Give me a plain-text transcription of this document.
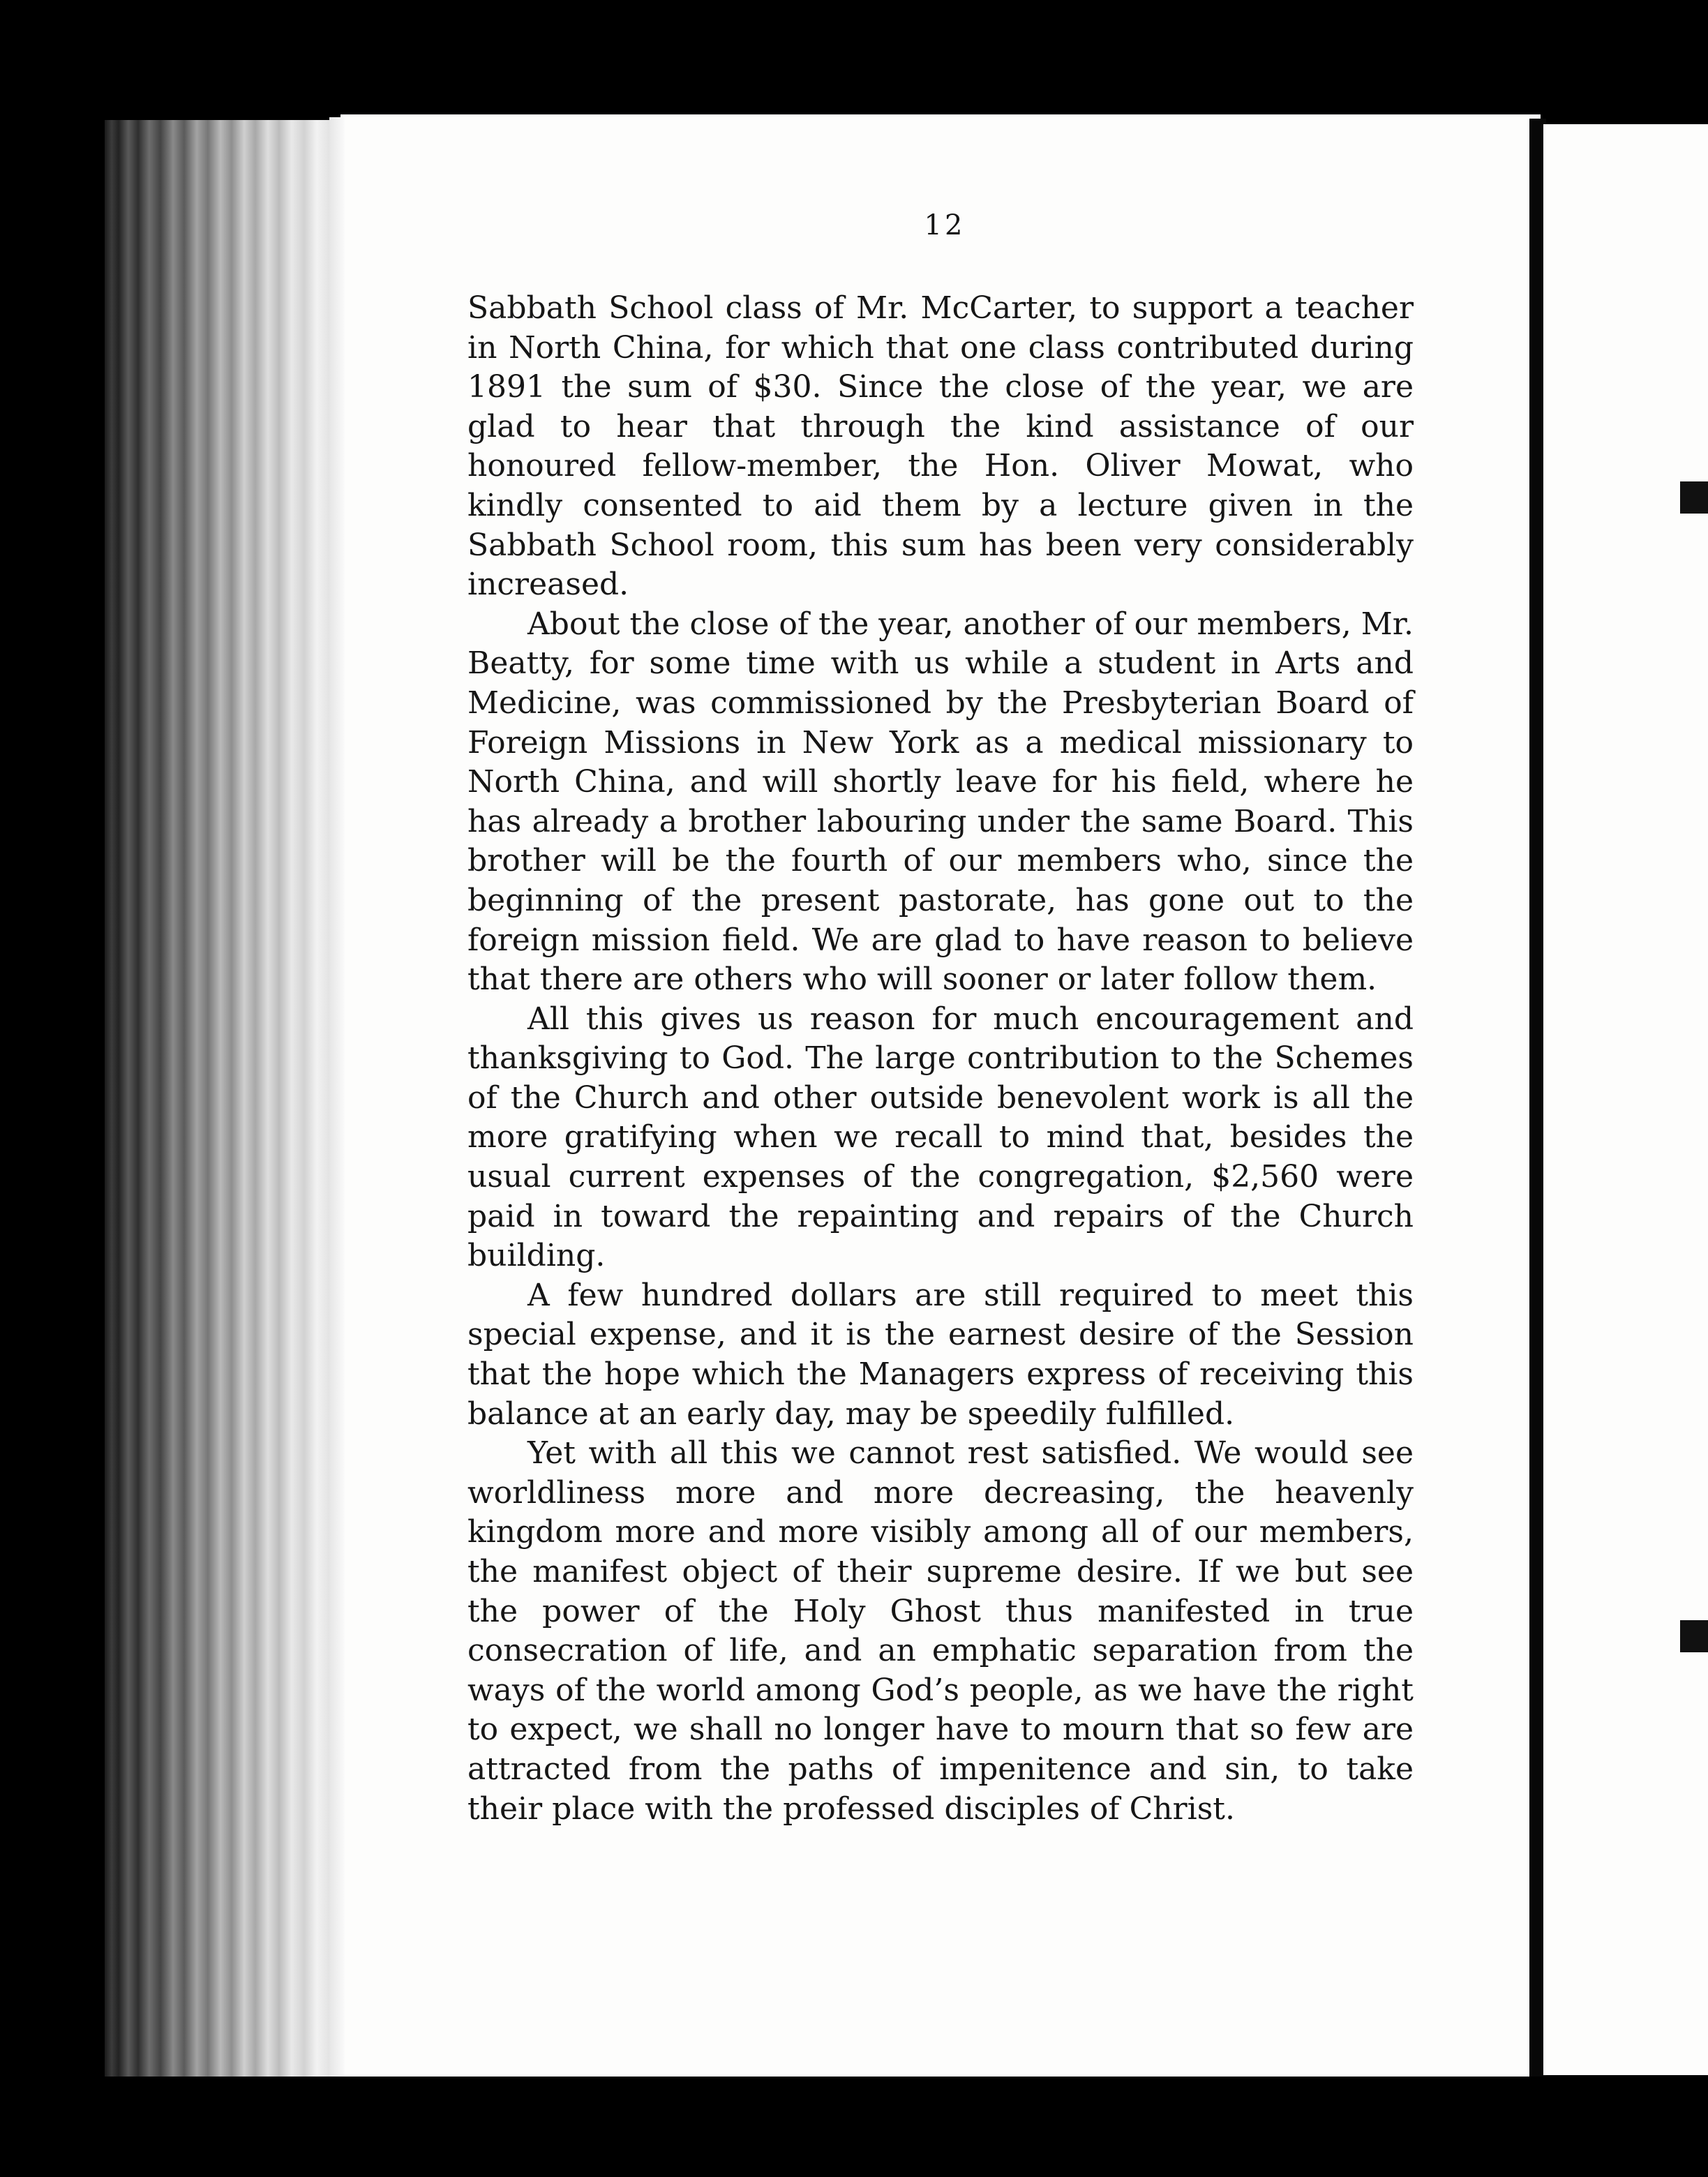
12

Sabbath School class of Mr. McCarter, to support a teacher in North China, for which that one class contributed during 1891 the sum of $30. Since the close of the year, we are glad to hear that through the kind assistance of our honoured fellow-member, the Hon. Oliver Mowat, who kindly consented to aid them by a lecture given in the Sabbath School room, this sum has been very considerably increased.

About the close of the year, another of our members, Mr. Beatty, for some time with us while a student in Arts and Medicine, was commissioned by the Presbyterian Board of Foreign Missions in New York as a medical missionary to North China, and will shortly leave for his field, where he has already a brother labouring under the same Board. This brother will be the fourth of our members who, since the beginning of the present pastorate, has gone out to the foreign mission field. We are glad to have reason to believe that there are others who will sooner or later follow them.

All this gives us reason for much encouragement and thanksgiving to God. The large contribution to the Schemes of the Church and other outside benevolent work is all the more gratifying when we recall to mind that, besides the usual current expenses of the congregation, $2,560 were paid in toward the repainting and repairs of the Church building.

A few hundred dollars are still required to meet this special expense, and it is the earnest desire of the Session that the hope which the Managers express of receiving this balance at an early day, may be speedily fulfilled.

Yet with all this we cannot rest satisfied. We would see worldliness more and more decreasing, the heavenly kingdom more and more visibly among all of our members, the manifest object of their supreme desire. If we but see the power of the Holy Ghost thus manifested in true consecration of life, and an emphatic separation from the ways of the world among God’s people, as we have the right to expect, we shall no longer have to mourn that so few are attracted from the paths of impenitence and sin, to take their place with the professed disciples of Christ.
